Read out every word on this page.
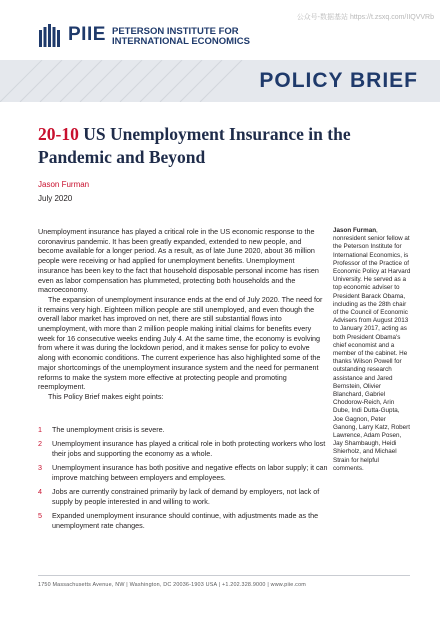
PIIE PETERSON INSTITUTE FOR
INTERNATIONAL ECONOMICS
公众号-数据基站 https://t.zsxq.com/IIQVVRb
POLICY BRIEF
20-10 US Unemployment Insurance in the Pandemic and Beyond
Jason Furman
July 2020

Unemployment insurance has played a critical role in the US economic response to the coronavirus pandemic. It has been greatly expanded, extended to new people, and become available for a longer period. As a result, as of late June 2020, about 36 million people were receiving or had applied for unemployment benefits. Unemployment insurance has been key to the fact that household disposable personal income has risen even as labor compensation has plummeted, protecting both households and the macroeconomy.

The expansion of unemployment insurance ends at the end of July 2020. The need for it remains very high. Eighteen million people are still unemployed, and even though the overall labor market has improved on net, there are still substantial flows into unemployment, with more than 2 million people making initial claims for benefits every week for 16 consecutive weeks ending July 4. At the same time, the economy is evolving from where it was during the lockdown period, and it makes sense for policy to evolve along with economic conditions. The current experience has also highlighted some of the major shortcomings of the unemployment insurance system and the need for permanent reforms to make the system more effective at protecting people and promoting reemployment.

This Policy Brief makes eight points:

1 The unemployment crisis is severe.
2 Unemployment insurance has played a critical role in both protecting workers who lost their jobs and supporting the economy as a whole.
3 Unemployment insurance has both positive and negative effects on labor supply; it can improve matching between employers and employees.
4 Jobs are currently constrained primarily by lack of demand by employers, not lack of supply by people interested in and willing to work.
5 Expanded unemployment insurance should continue, with adjustments made as the unemployment rate changes.
Jason Furman, nonresident senior fellow at the Peterson Institute for International Economics, is Professor of the Practice of Economic Policy at Harvard University. He served as a top economic adviser to President Barack Obama, including as the 28th chair of the Council of Economic Advisers from August 2013 to January 2017, acting as both President Obama's chief economist and a member of the cabinet. He thanks Wilson Powell for outstanding research assistance and Jared Bernstein, Olivier Blanchard, Gabriel Chodorow-Reich, Arin Dube, Indi Dutta-Gupta, Joe Gagnon, Peter Ganong, Larry Katz, Robert Lawrence, Adam Posen, Jay Shambaugh, Heidi Shierholz, and Michael Strain for helpful comments.
1750 Massachusetts Avenue, NW | Washington, DC 20036-1903 USA | +1.202.328.9000 | www.piie.com
